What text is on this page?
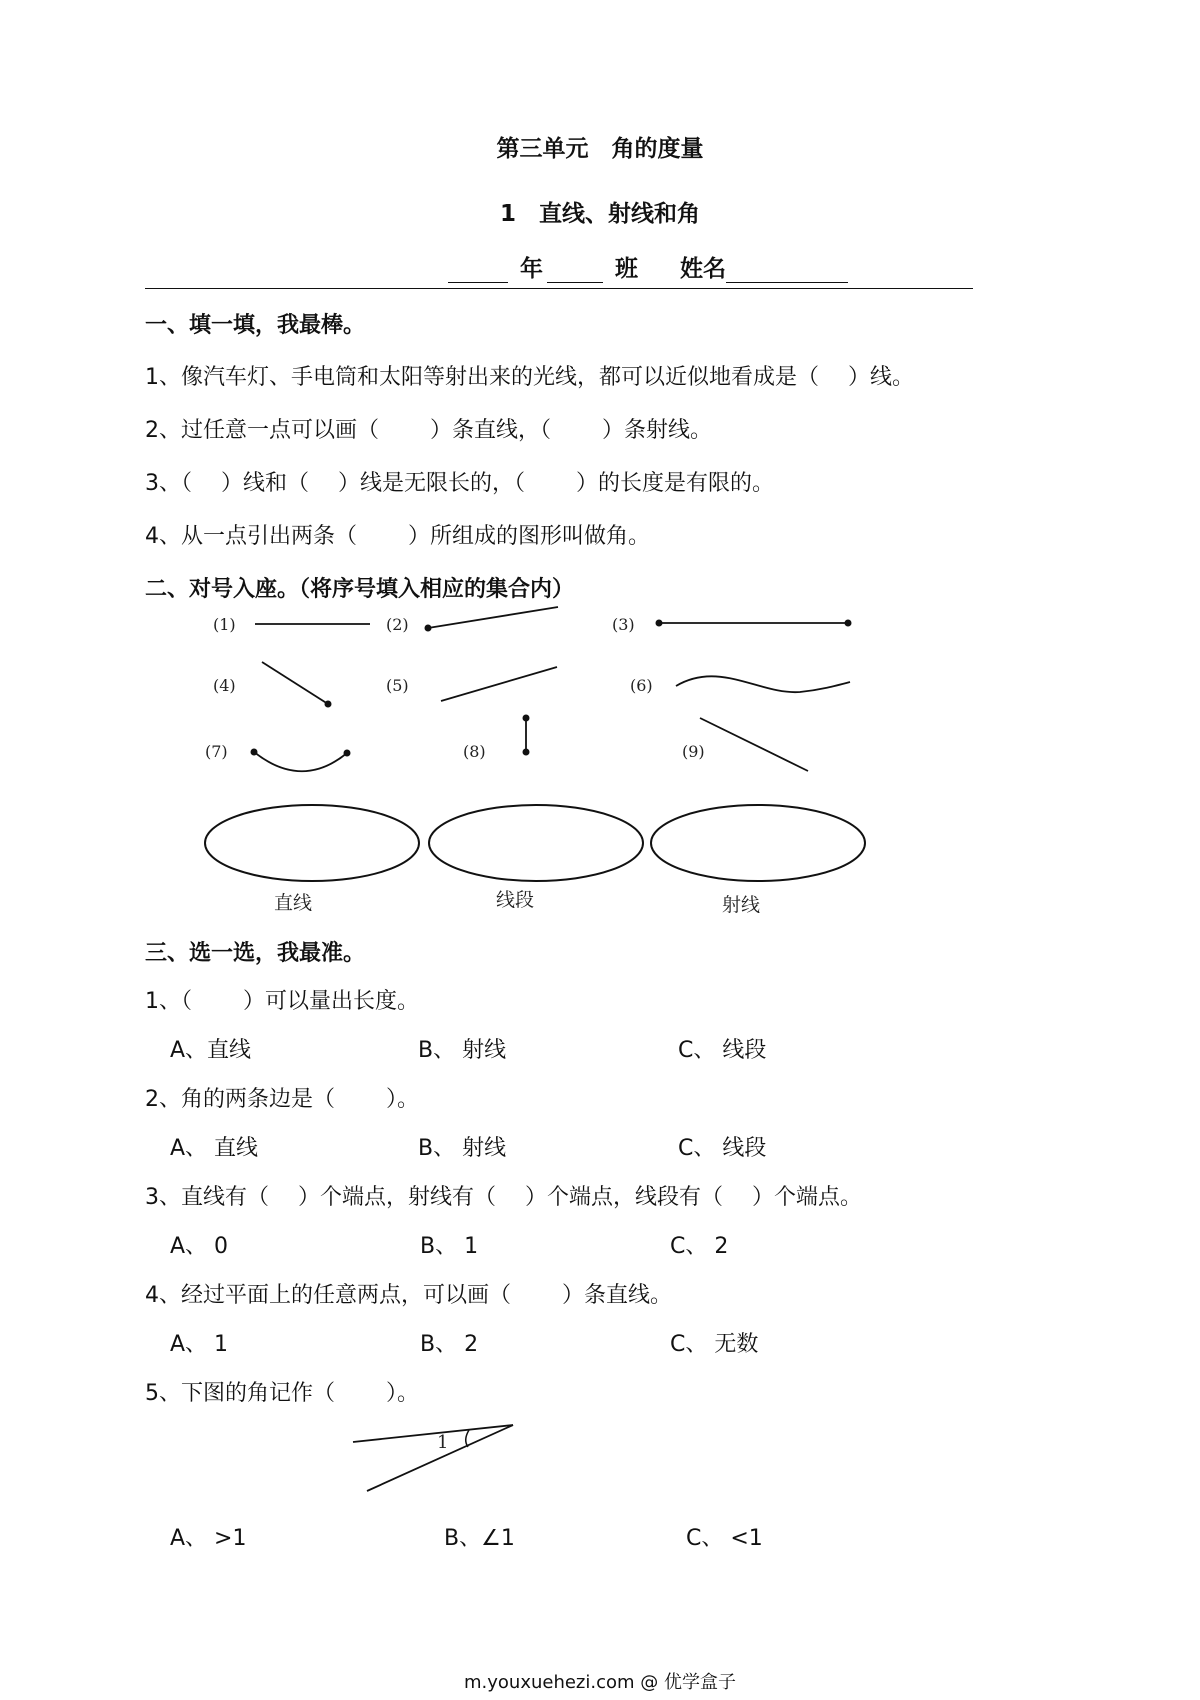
第三单元　角的度量
1　直线、射线和角
年	班 姓名
一、填一填，我最棒。
1、像汽车灯、手电筒和太阳等射出来的光线，都可以近似地看成是（　 ）线。
2、过任意一点可以画（　　 ）条直线，（　　 ）条射线。
3、（　 ）线和（　 ）线是无限长的，（　　 ）的长度是有限的。
4、从一点引出两条（　　 ）所组成的图形叫做角。
二、对号入座。（将序号填入相应的集合内）
(1)	(2)	(3)
(4)	(5)	(6)
(7)	(8)	(9)
直线	线段	射线
三、选一选，我最准。
1、（　　 ）可以量出长度。
A、直线	B、 射线	C、 线段
2、角的两条边是（　　 ）。
A、 直线	B、 射线	C、 线段
3、直线有（　 ）个端点，射线有（　 ）个端点，线段有（　 ）个端点。
A、 0	B、 1	C、 2
4、经过平面上的任意两点，可以画（　　 ）条直线。
A、 1	B、 2	C、 无数
5、下图的角记作（　　 ）。
1
A、 >1	B、∠1	C、 <1
m.youxuehezi.com @ 优学盒子
